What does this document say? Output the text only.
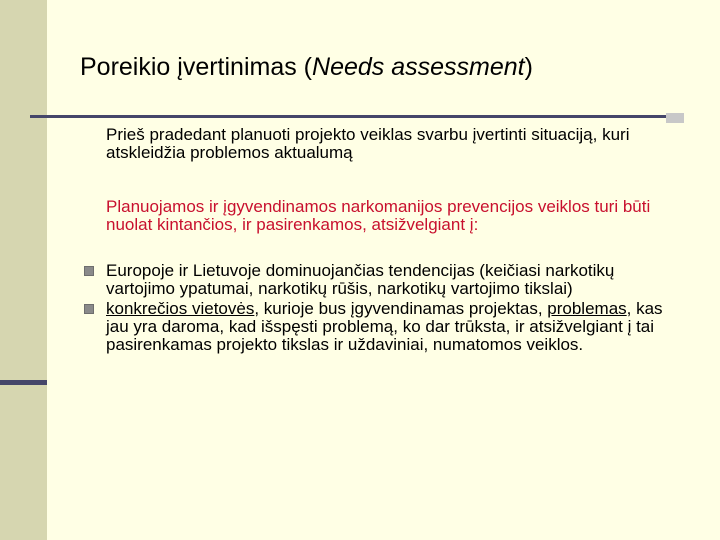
Poreikio įvertinimas (Needs assessment)
Prieš pradedant planuoti projekto veiklas svarbu įvertinti situaciją, kuri atskleidžia problemos aktualumą
Planuojamos ir įgyvendinamos narkomanijos prevencijos veiklos turi būti nuolat kintančios, ir pasirenkamos, atsižvelgiant į:
Europoje ir Lietuvoje dominuojančias tendencijas (keičiasi narkotikų vartojimo ypatumai, narkotikų rūšis, narkotikų vartojimo tikslai)
konkrečios vietovės, kurioje bus įgyvendinamas projektas, problemas, kas jau yra daroma, kad išspęsti problemą, ko dar trūksta, ir atsižvelgiant į tai pasirenkamas projekto tikslas ir uždaviniai, numatomos veiklos.
